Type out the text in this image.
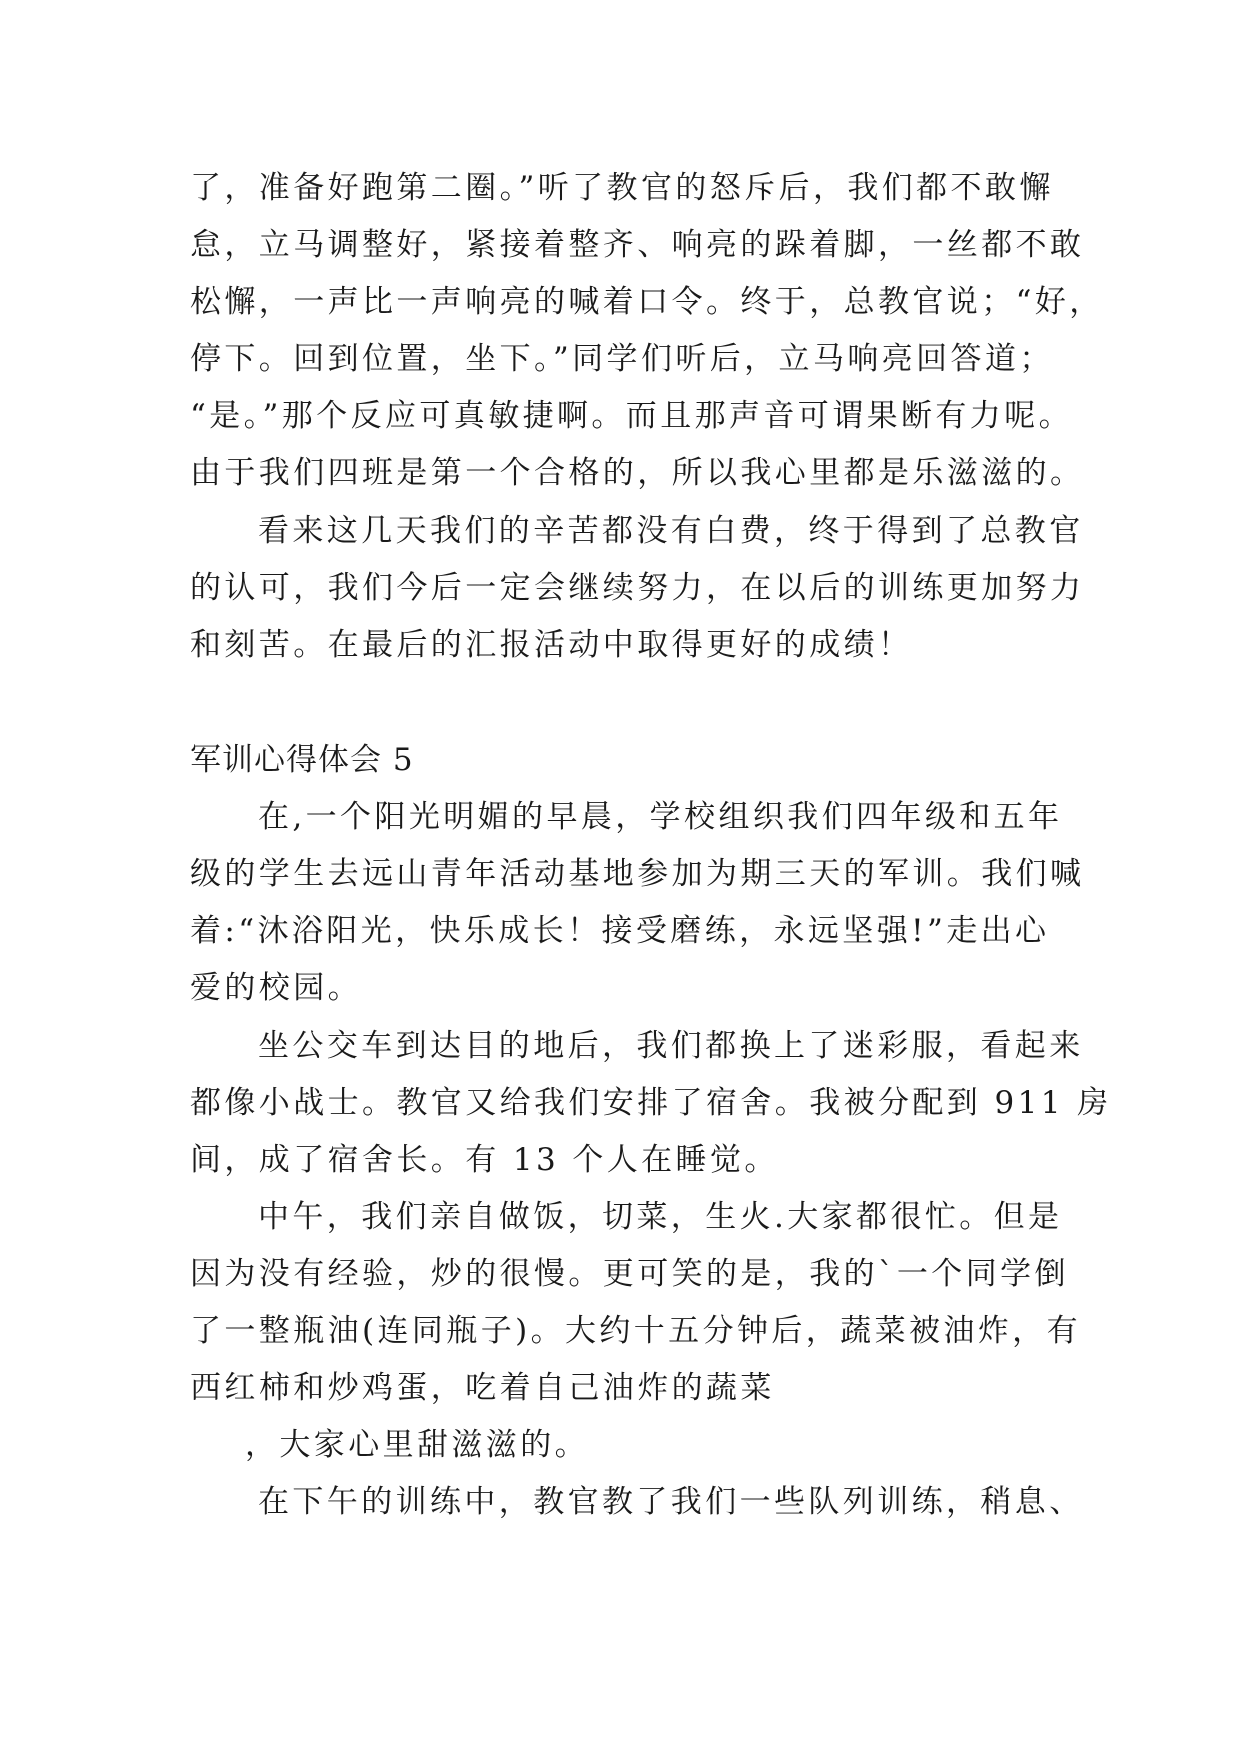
了，准备好跑第二圈。”听了教官的怒斥后，我们都不敢懈
怠，立马调整好，紧接着整齐、响亮的跺着脚，一丝都不敢
松懈，一声比一声响亮的喊着口令。终于，总教官说；“好，
停下。回到位置，坐下。”同学们听后，立马响亮回答道；
“是。”那个反应可真敏捷啊。而且那声音可谓果断有力呢。
由于我们四班是第一个合格的，所以我心里都是乐滋滋的。
看来这几天我们的辛苦都没有白费，终于得到了总教官
的认可，我们今后一定会继续努力，在以后的训练更加努力
和刻苦。在最后的汇报活动中取得更好的成绩！
军训心得体会 5
在,一个阳光明媚的早晨，学校组织我们四年级和五年
级的学生去远山青年活动基地参加为期三天的军训。我们喊
着:“沐浴阳光，快乐成长！接受磨练，永远坚强!”走出心
爱的校园。
坐公交车到达目的地后，我们都换上了迷彩服，看起来
都像小战士。教官又给我们安排了宿舍。我被分配到 911 房
间，成了宿舍长。有 13 个人在睡觉。
中午，我们亲自做饭，切菜，生火.大家都很忙。但是
因为没有经验，炒的很慢。更可笑的是，我的`一个同学倒
了一整瓶油(连同瓶子)。大约十五分钟后，蔬菜被油炸，有
西红柿和炒鸡蛋，吃着自己油炸的蔬菜
，大家心里甜滋滋的。
在下午的训练中，教官教了我们一些队列训练，稍息、
